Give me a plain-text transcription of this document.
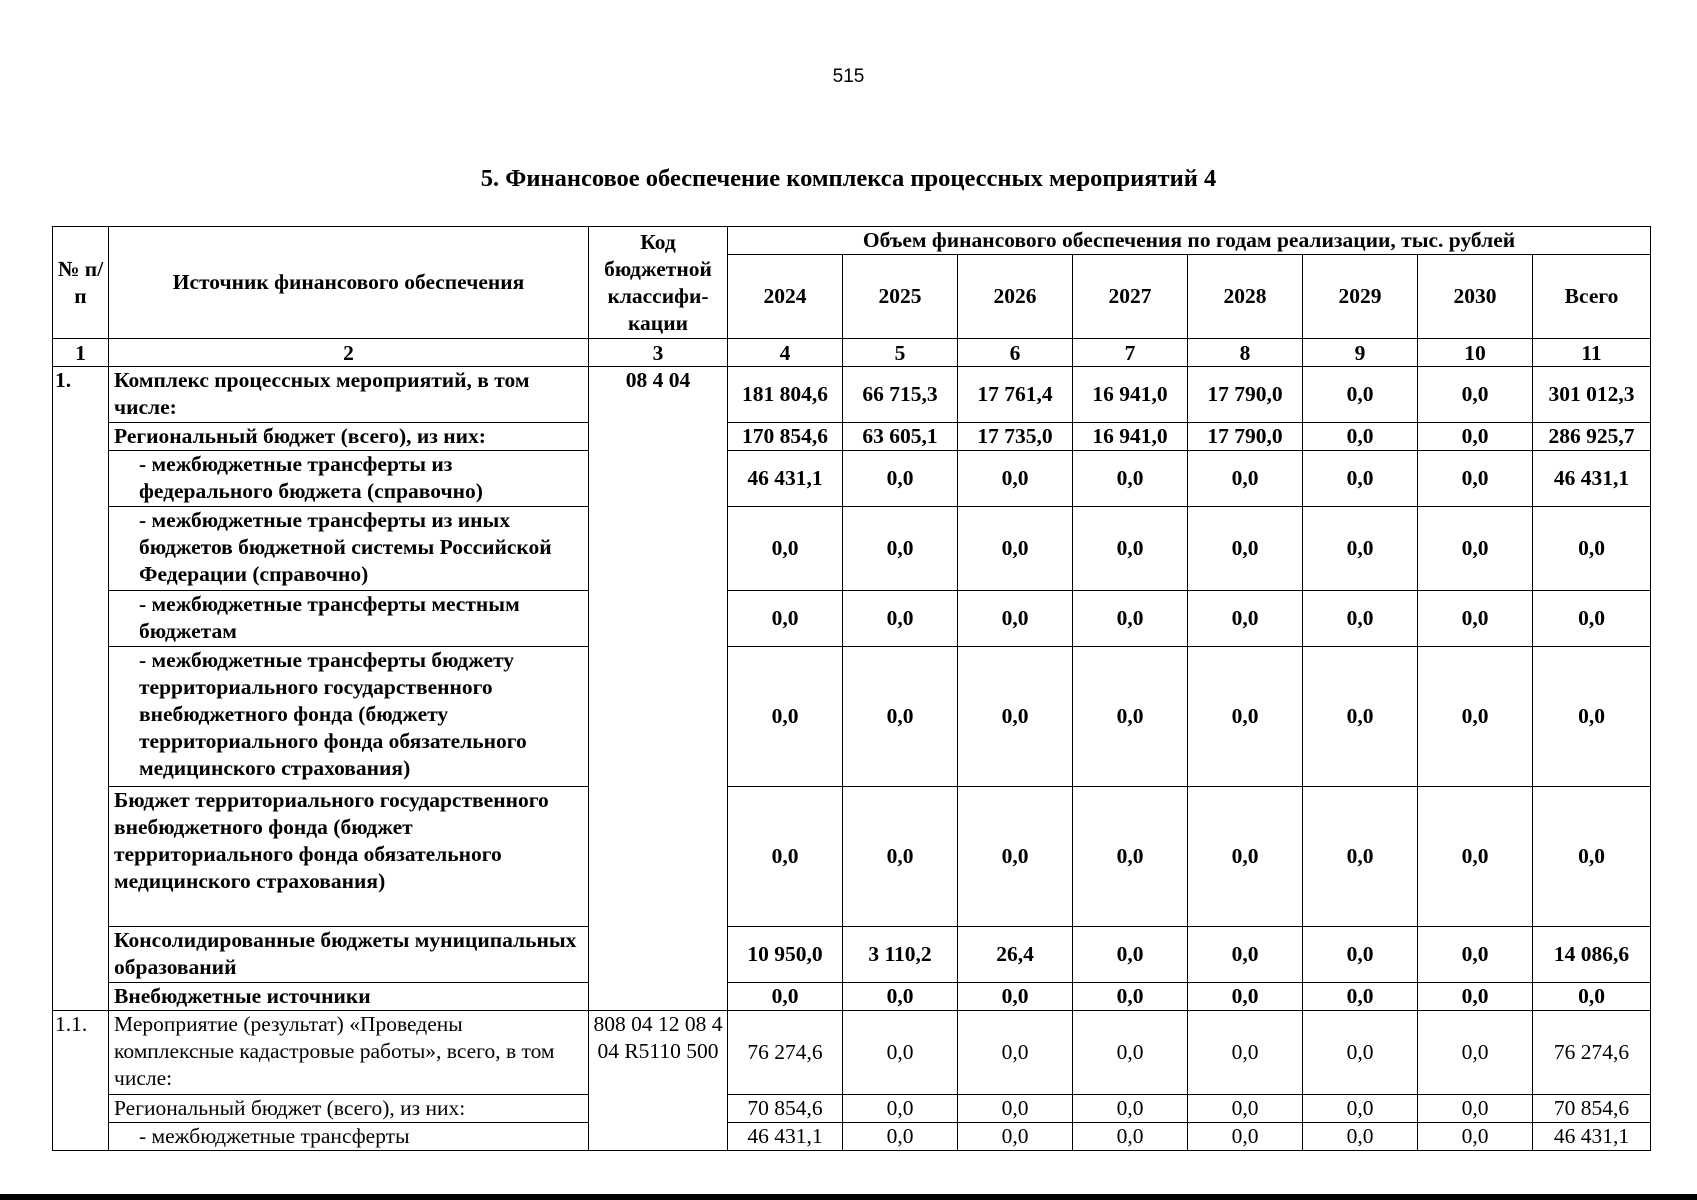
515
5. Финансовое обеспечение комплекса процессных мероприятий 4
№ п/п	Источник финансового обеспечения	Код бюджетной классифи- кации	Объем финансового обеспечения по годам реализации, тыс. рублей							
			2024	2025	2026	2027	2028	2029	2030	Всего
1	2	3	4	5	6	7	8	9	10	11
1.	Комплекс процессных мероприятий, в том числе:	08 4 04	181 804,6	66 715,3	17 761,4	16 941,0	17 790,0	0,0	0,0	301 012,3
	Региональный бюджет (всего), из них:		170 854,6	63 605,1	17 735,0	16 941,0	17 790,0	0,0	0,0	286 925,7
	- межбюджетные трансферты из федерального бюджета (справочно)		46 431,1	0,0	0,0	0,0	0,0	0,0	0,0	46 431,1
	- межбюджетные трансферты из иных бюджетов бюджетной системы Российской Федерации (справочно)		0,0	0,0	0,0	0,0	0,0	0,0	0,0	0,0
	- межбюджетные трансферты местным бюджетам		0,0	0,0	0,0	0,0	0,0	0,0	0,0	0,0
	- межбюджетные трансферты бюджету территориального государственного внебюджетного фонда (бюджету территориального фонда обязательного медицинского страхования)		0,0	0,0	0,0	0,0	0,0	0,0	0,0	0,0
	Бюджет территориального государственного внебюджетного фонда (бюджет территориального фонда обязательного медицинского страхования)		0,0	0,0	0,0	0,0	0,0	0,0	0,0	0,0
	Консолидированные бюджеты муниципальных образований		10 950,0	3 110,2	26,4	0,0	0,0	0,0	0,0	14 086,6
	Внебюджетные источники		0,0	0,0	0,0	0,0	0,0	0,0	0,0	0,0
1.1.	Мероприятие (результат) «Проведены комплексные кадастровые работы», всего, в том числе:	808 04 12 08 4 04 R5110 500	76 274,6	0,0	0,0	0,0	0,0	0,0	0,0	76 274,6
	Региональный бюджет (всего), из них:		70 854,6	0,0	0,0	0,0	0,0	0,0	0,0	70 854,6
	- межбюджетные трансферты		46 431,1	0,0	0,0	0,0	0,0	0,0	0,0	46 431,1
